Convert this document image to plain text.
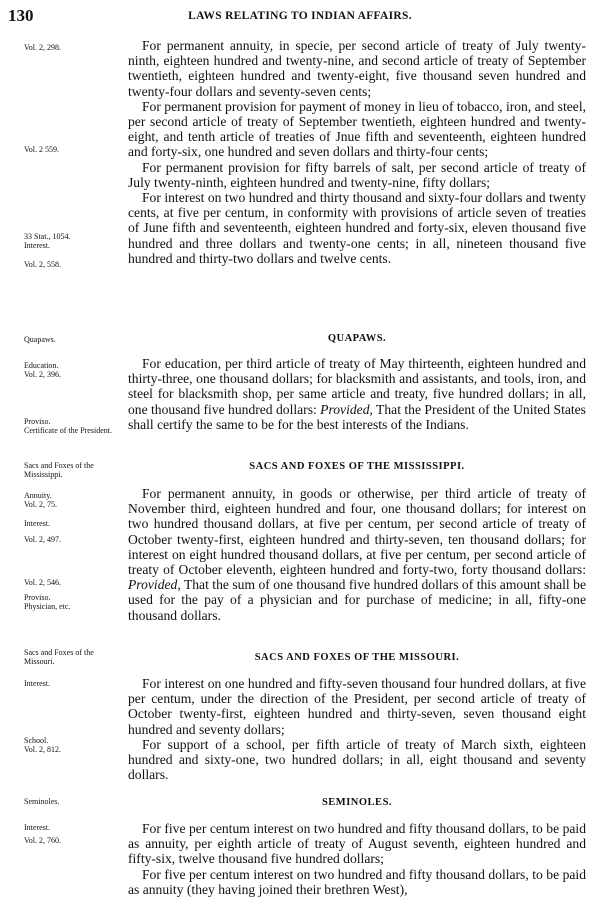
130	LAWS RELATING TO INDIAN AFFAIRS.
Vol. 2, 298.
Vol. 2 559.
33 Stat., 1054.
Interest.
Vol. 2, 558.
Quapaws.
Education.
Vol. 2, 396.
Proviso.
Certificate of the President.
Sacs and Foxes of the Mississippi.
Annuity.
Vol. 2, 75.
Interest.
Vol. 2, 497.
Vol. 2, 546.
Proviso.
Physician, etc.
Sacs and Foxes of the Missouri.
Interest.
School.
Vol. 2, 812.
Seminoles.
Interest.
Vol. 2, 760.

For permanent annuity, in specie, per second article of treaty of July twenty-ninth, eighteen hundred and twenty-nine, and second article of treaty of September twentieth, eighteen hundred and twenty-eight, five thousand seven hundred and twenty-four dollars and seventy-seven cents;

For permanent provision for payment of money in lieu of tobacco, iron, and steel, per second article of treaty of September twentieth, eighteen hundred and twenty-eight, and tenth article of treaties of Jnue fifth and seventeenth, eighteen hundred and forty-six, one hundred and seven dollars and thirty-four cents;

For permanent provision for fifty barrels of salt, per second article of treaty of July twenty-ninth, eighteen hundred and twenty-nine, fifty dollars;

For interest on two hundred and thirty thousand and sixty-four dollars and twenty cents, at five per centum, in conformity with provisions of article seven of treaties of June fifth and seventeenth, eighteen hundred and forty-six, eleven thousand five hundred and three dollars and twenty-one cents; in all, nineteen thousand five hundred and thirty-two dollars and twelve cents.

QUAPAWS.

For education, per third article of treaty of May thirteenth, eighteen hundred and thirty-three, one thousand dollars; for blacksmith and assistants, and tools, iron, and steel for blacksmith shop, per same article and treaty, five hundred dollars; in all, one thousand five hundred dollars: Provided, That the President of the United States shall certify the same to be for the best interests of the Indians.

SACS AND FOXES OF THE MISSISSIPPI.

For permanent annuity, in goods or otherwise, per third article of treaty of November third, eighteen hundred and four, one thousand dollars; for interest on two hundred thousand dollars, at five per centum, per second article of treaty of October twenty-first, eighteen hundred and thirty-seven, ten thousand dollars; for interest on eight hundred thousand dollars, at five per centum, per second article of treaty of October eleventh, eighteen hundred and forty-two, forty thousand dollars: Provided, That the sum of one thousand five hundred dollars of this amount shall be used for the pay of a physician and for purchase of medicine; in all, fifty-one thousand dollars.

SACS AND FOXES OF THE MISSOURI.

For interest on one hundred and fifty-seven thousand four hundred dollars, at five per centum, under the direction of the President, per second article of treaty of October twenty-first, eighteen hundred and thirty-seven, seven thousand eight hundred and seventy dollars;

For support of a school, per fifth article of treaty of March sixth, eighteen hundred and sixty-one, two hundred dollars; in all, eight thousand and seventy dollars.

SEMINOLES.

For five per centum interest on two hundred and fifty thousand dollars, to be paid as annuity, per eighth article of treaty of August seventh, eighteen hundred and fifty-six, twelve thousand five hundred dollars;

For five per centum interest on two hundred and fifty thousand dollars, to be paid as annuity (they having joined their brethren West),
